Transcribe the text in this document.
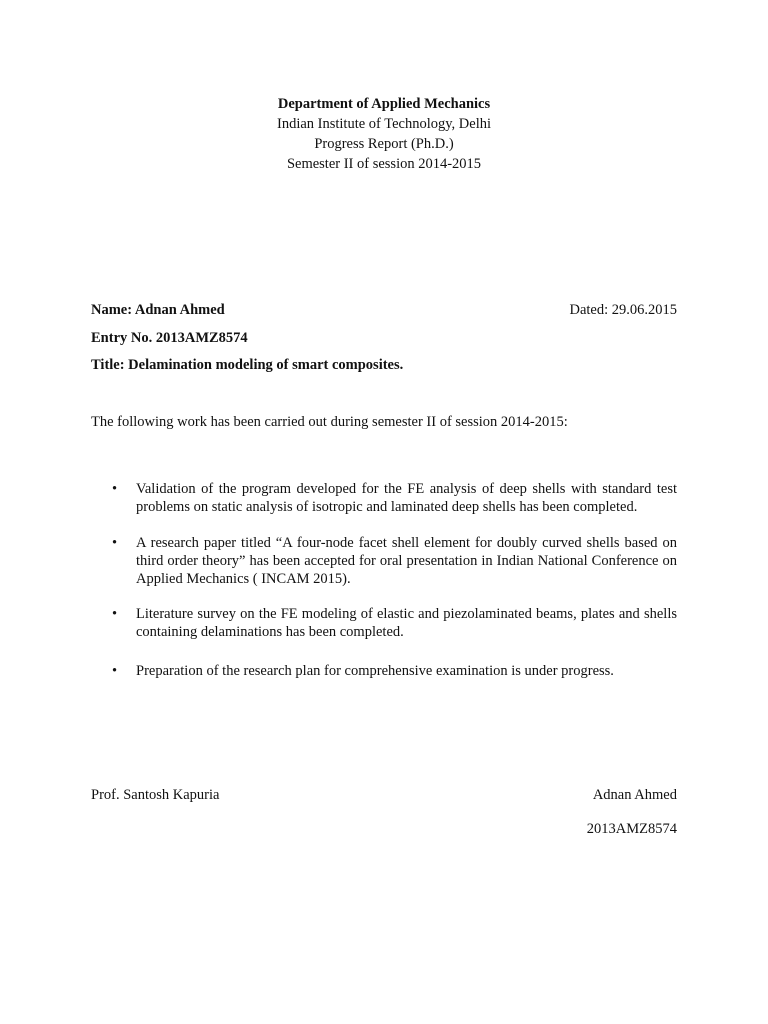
Department of Applied Mechanics
Indian Institute of Technology, Delhi
Progress Report (Ph.D.)
Semester II of session 2014-2015
Name: Adnan Ahmed	Dated: 29.06.2015
Entry No. 2013AMZ8574
Title: Delamination modeling of smart composites.
The following work has been carried out during semester II of session 2014-2015:
• Validation of the program developed for the FE analysis of deep shells with standard test problems on static analysis of isotropic and laminated deep shells has been completed.
• A research paper titled “A four-node facet shell element for doubly curved shells based on third order theory” has been accepted for oral presentation in Indian National Conference on Applied Mechanics ( INCAM 2015).
• Literature survey on the FE modeling of elastic and piezolaminated beams, plates and shells containing delaminations has been completed.
• Preparation of the research plan for comprehensive examination is under progress.
Prof. Santosh Kapuria	Adnan Ahmed
2013AMZ8574
